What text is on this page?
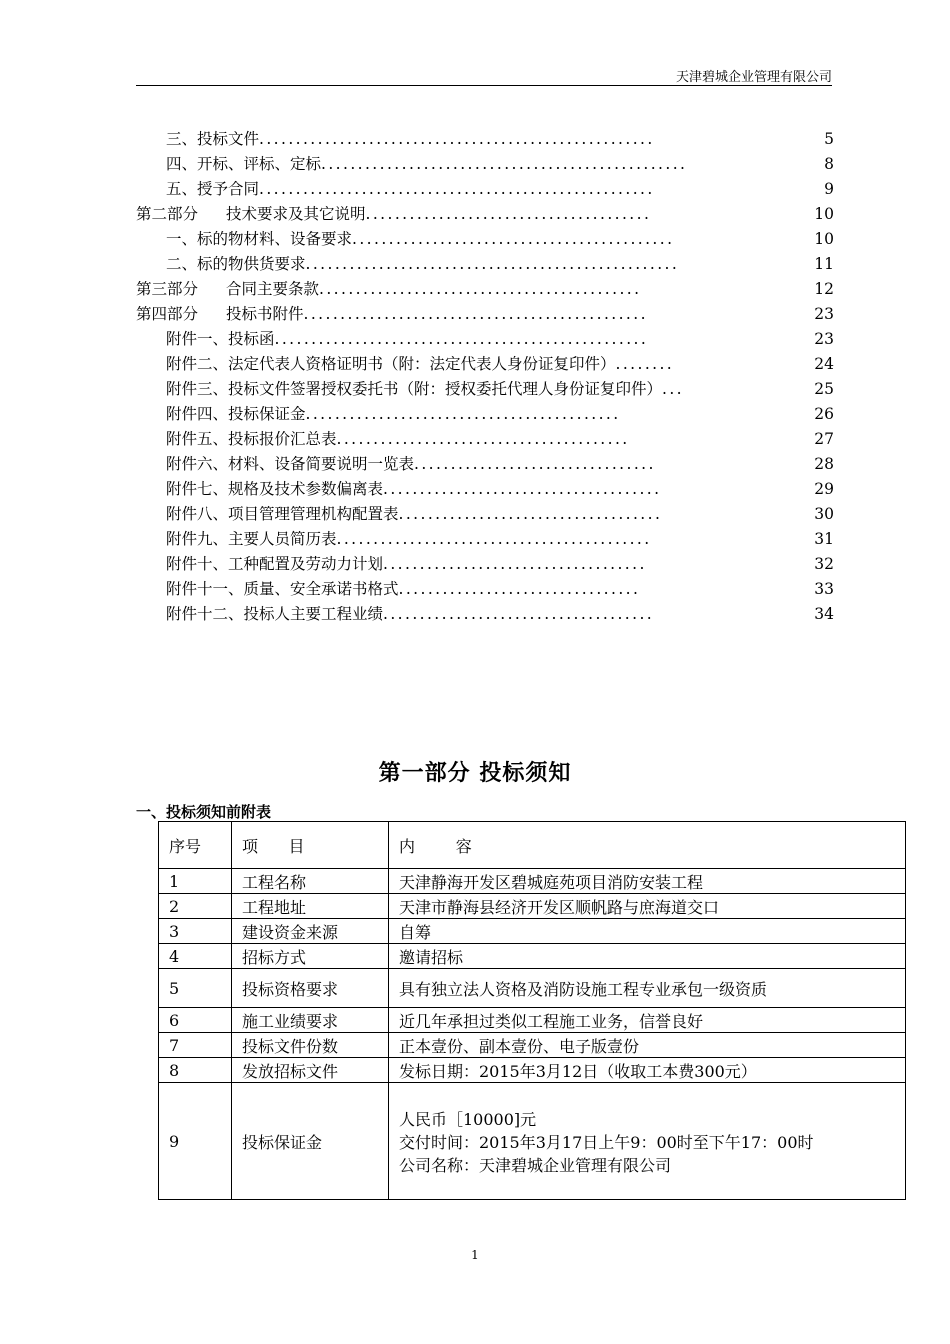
天津碧城企业管理有限公司
三、投标文件 ......................................................	5
四、开标、评标、定标 ..................................................	8
五、授予合同 ......................................................	9
第二部分 技术要求及其它说明 .......................................	10
一、标的物材料、设备要求 ............................................	10
二、标的物供货要求 ...................................................	11
第三部分 合同主要条款 ............................................	12
第四部分 投标书附件 ...............................................	23
附件一、投标函 ...................................................	23
附件二、法定代表人资格证明书（附：法定代表人身份证复印件） ........	24
附件三、投标文件签署授权委托书（附：授权委托代理人身份证复印件） ...	25
附件四、投标保证金 ...........................................	26
附件五、投标报价汇总表 ........................................	27
附件六、材料、设备简要说明一览表 .................................	28
附件七、规格及技术参数偏离表 ......................................	29
附件八、项目管理管理机构配置表 ....................................	30
附件九、主要人员简历表 ...........................................	31
附件十、工种配置及劳动力计划 ....................................	32
附件十一、质量、安全承诺书格式 .................................	33
附件十二、投标人主要工程业绩 .....................................	34
第一部分 投标须知
一、投标须知前附表
序号	项      目	内        容
1	工程名称	天津静海开发区碧城庭苑项目消防安装工程

2	工程地址	天津市静海县经济开发区顺帆路与庶海道交口

3	建设资金来源	自筹

4	招标方式	邀请招标

5	投标资格要求	具有独立法人资格及消防设施工程专业承包一级资质

6	施工业绩要求	近几年承担过类似工程施工业务，信誉良好

7	投标文件份数	正本壹份、副本壹份、电子版壹份

8	发放招标文件	发标日期：2015年3月12日（收取工本费300元）

9	投标保证金	人民币［10000]元
交付时间：2015年3月17日上午9：00时至下午17：00时
公司名称：天津碧城企业管理有限公司
1
